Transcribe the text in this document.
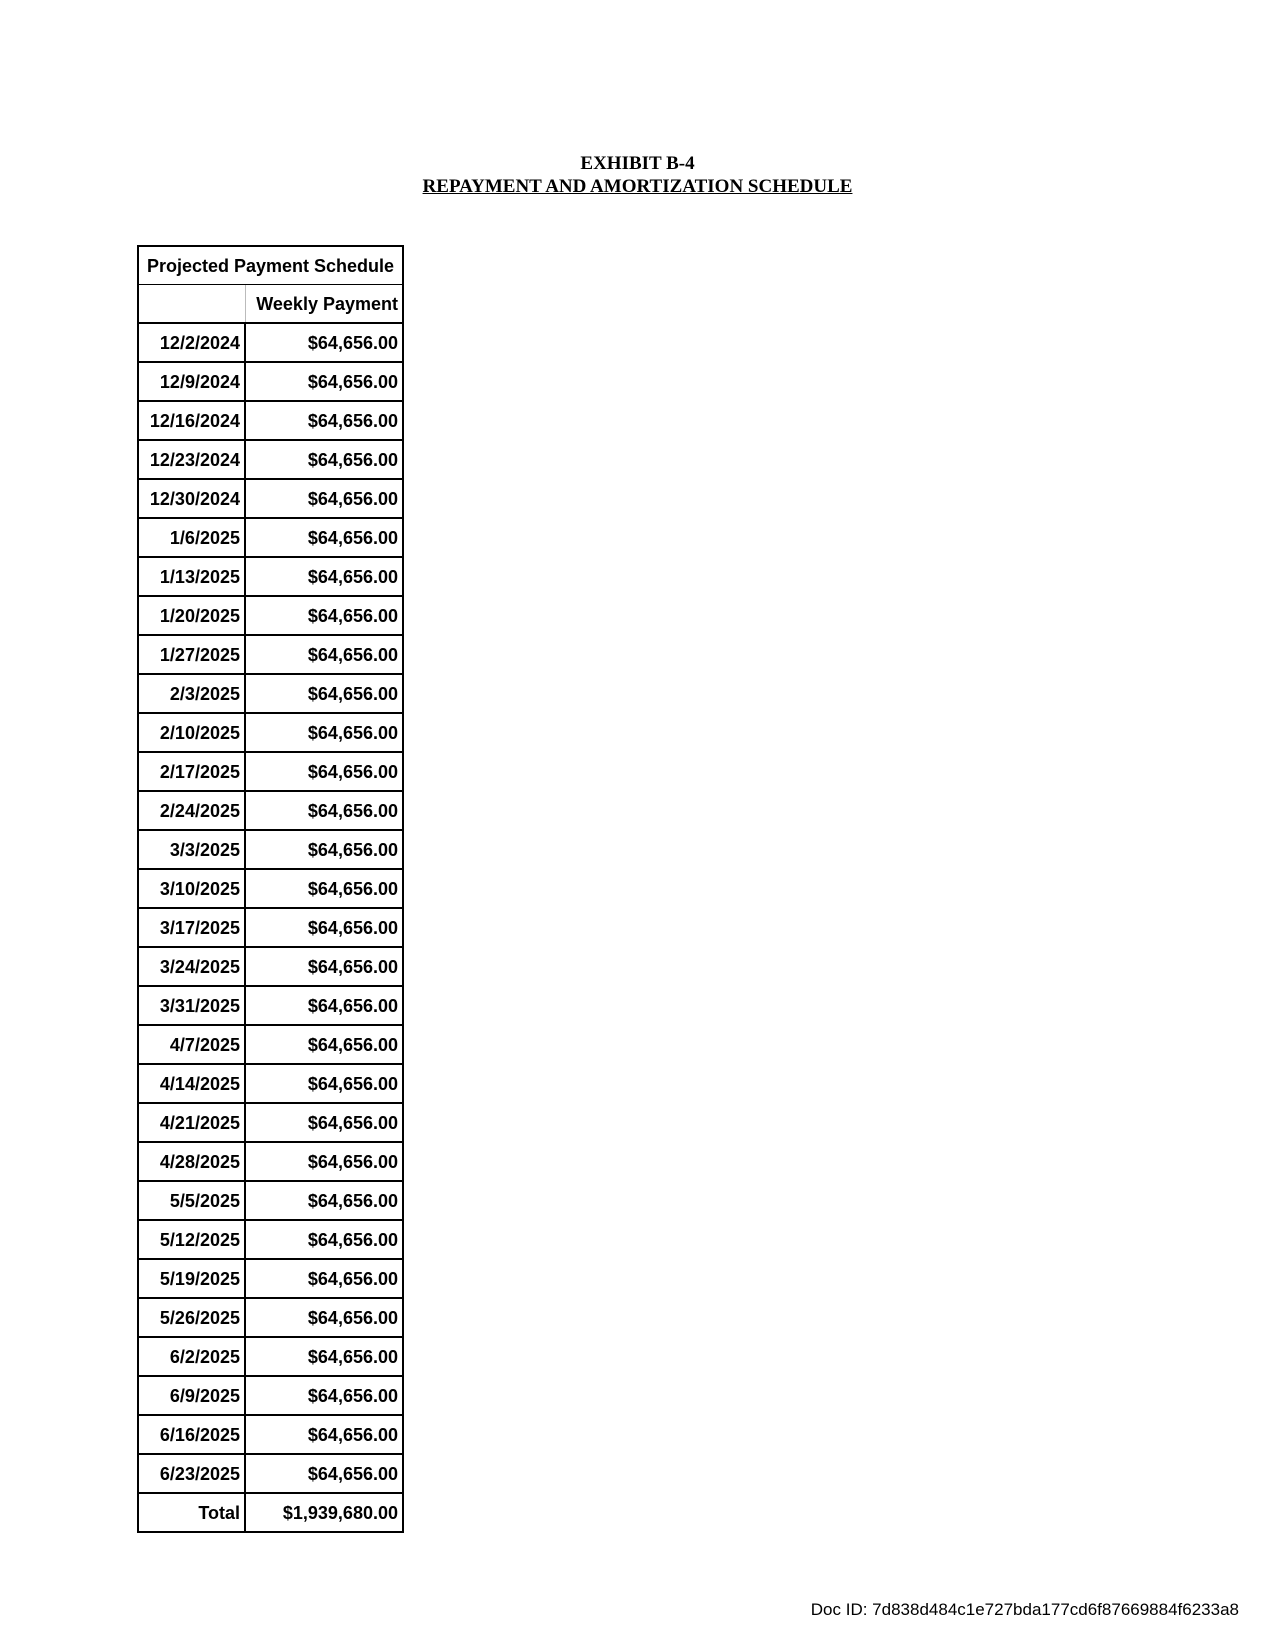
EXHIBIT B-4
REPAYMENT AND AMORTIZATION SCHEDULE
Projected Payment Schedule	
	Weekly Payment
12/2/2024	$64,656.00
12/9/2024	$64,656.00
12/16/2024	$64,656.00
12/23/2024	$64,656.00
12/30/2024	$64,656.00
1/6/2025	$64,656.00
1/13/2025	$64,656.00
1/20/2025	$64,656.00
1/27/2025	$64,656.00
2/3/2025	$64,656.00
2/10/2025	$64,656.00
2/17/2025	$64,656.00
2/24/2025	$64,656.00
3/3/2025	$64,656.00
3/10/2025	$64,656.00
3/17/2025	$64,656.00
3/24/2025	$64,656.00
3/31/2025	$64,656.00
4/7/2025	$64,656.00
4/14/2025	$64,656.00
4/21/2025	$64,656.00
4/28/2025	$64,656.00
5/5/2025	$64,656.00
5/12/2025	$64,656.00
5/19/2025	$64,656.00
5/26/2025	$64,656.00
6/2/2025	$64,656.00
6/9/2025	$64,656.00
6/16/2025	$64,656.00
6/23/2025	$64,656.00
Total	$1,939,680.00
Doc ID: 7d838d484c1e727bda177cd6f87669884f6233a8
